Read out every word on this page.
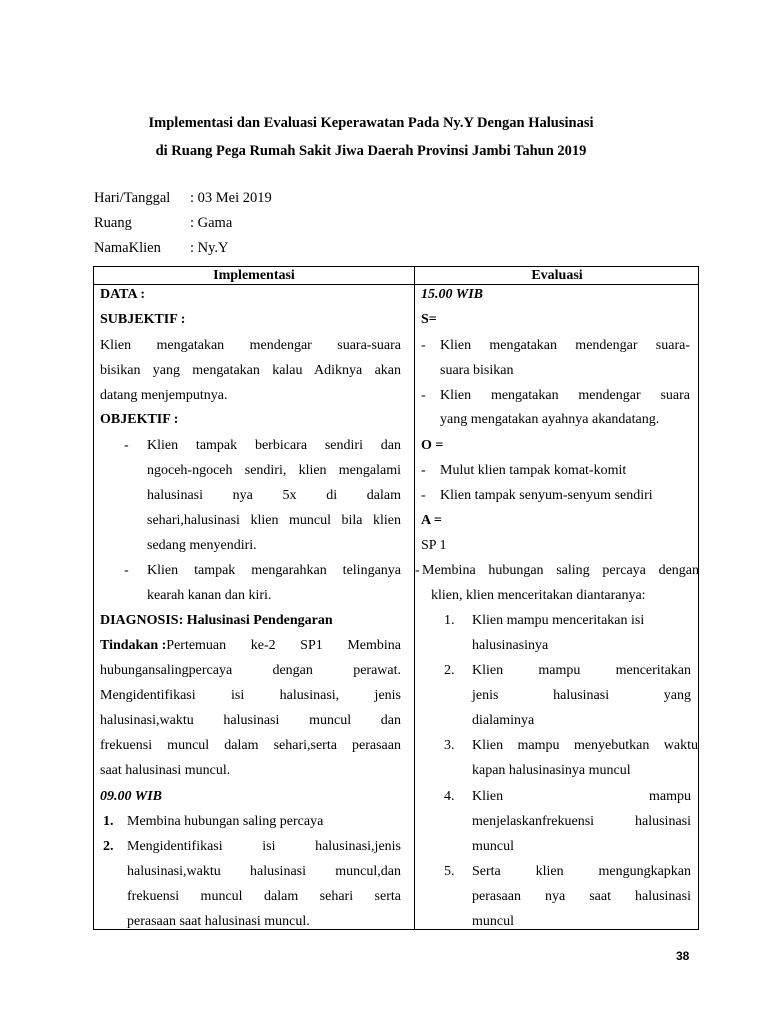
Implementasi dan Evaluasi Keperawatan Pada Ny.Y Dengan Halusinasi
di Ruang Pega Rumah Sakit Jiwa Daerah Provinsi Jambi Tahun 2019
Hari/Tanggal : 03 Mei 2019
Ruang	: Gama
NamaKlien : Ny.Y
Implementasi	Evaluasi
DATA :
SUBJEKTIF :
Klien mengatakan mendengar suara-suara
bisikan yang mengatakan kalau Adiknya akan
datang menjemputnya.
OBJEKTIF :
- Klien tampak berbicara sendiri dan
ngoceh-ngoceh sendiri, klien mengalami
halusinasi nya 5x di dalam
sehari,halusinasi klien muncul bila klien
sedang menyendiri.
- Klien tampak mengarahkan telinganya
kearah kanan dan kiri.
DIAGNOSIS: Halusinasi Pendengaran
Tindakan : Pertemuan ke-2 SP1 Membina
hubungansalingpercaya dengan perawat.
Mengidentifikasi isi halusinasi, jenis
halusinasi,waktu halusinasi muncul dan
frekuensi muncul dalam sehari,serta perasaan
saat halusinasi muncul.
09.00 WIB
1. Membina hubungan saling percaya
2. Mengidentifikasi isi halusinasi,jenis
halusinasi,waktu halusinasi muncul,dan
frekuensi muncul dalam sehari serta
perasaan saat halusinasi muncul.
15.00 WIB
S=
- Klien mengatakan mendengar suara-
suara bisikan
- Klien mengatakan mendengar suara
yang mengatakan ayahnya akandatang.
O =
- Mulut klien tampak komat-komit
- Klien tampak senyum-senyum sendiri
A =
SP 1
- Membina hubungan saling percaya dengan
klien, klien menceritakan diantaranya:
1. Klien mampu menceritakan isi
halusinasinya
2. Klien mampu menceritakan
jenis halusinasi yang
dialaminya
3. Klien mampu menyebutkan waktu
kapan halusinasinya muncul
4. Klien mampu
menjelaskanfrekuensi halusinasi
muncul
5. Serta klien mengungkapkan
perasaan nya saat halusinasi
muncul
38
